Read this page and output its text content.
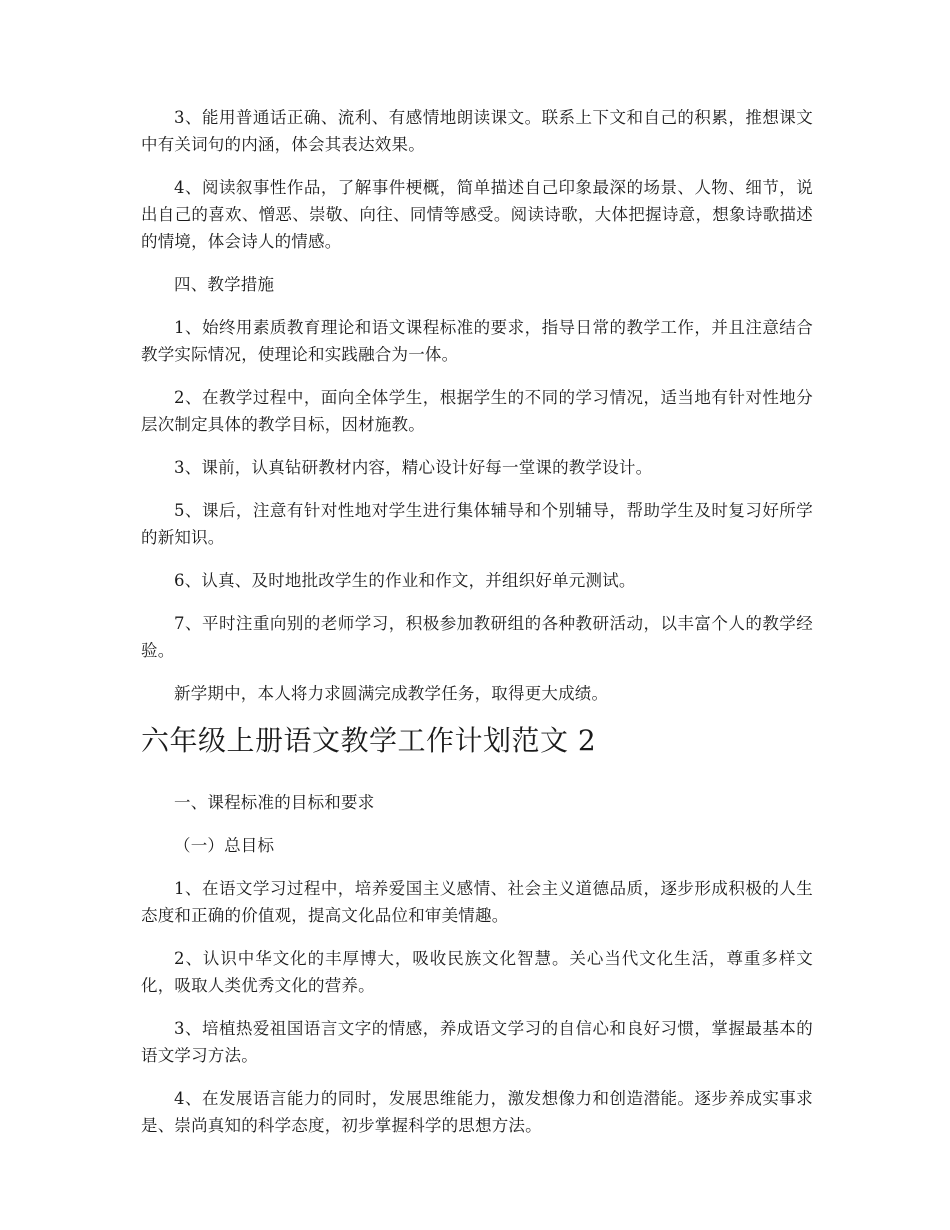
3、能用普通话正确、流利、有感情地朗读课文。联系上下文和自己的积累，推想课文中有关词句的内涵，体会其表达效果。

4、阅读叙事性作品，了解事件梗概，简单描述自己印象最深的场景、人物、细节，说出自己的喜欢、憎恶、崇敬、向往、同情等感受。阅读诗歌，大体把握诗意，想象诗歌描述的情境，体会诗人的情感。

四、教学措施

1、始终用素质教育理论和语文课程标准的要求，指导日常的教学工作，并且注意结合教学实际情况，使理论和实践融合为一体。

2、在教学过程中，面向全体学生，根据学生的不同的学习情况，适当地有针对性地分层次制定具体的教学目标，因材施教。

3、课前，认真钻研教材内容，精心设计好每一堂课的教学设计。

5、课后，注意有针对性地对学生进行集体辅导和个别辅导，帮助学生及时复习好所学的新知识。

6、认真、及时地批改学生的作业和作文，并组织好单元测试。

7、平时注重向别的老师学习，积极参加教研组的各种教研活动，以丰富个人的教学经验。

新学期中，本人将力求圆满完成教学任务，取得更大成绩。

六年级上册语文教学工作计划范文 2

一、课程标准的目标和要求

（一）总目标

1、在语文学习过程中，培养爱国主义感情、社会主义道德品质，逐步形成积极的人生态度和正确的价值观，提高文化品位和审美情趣。

2、认识中华文化的丰厚博大，吸收民族文化智慧。关心当代文化生活，尊重多样文化，吸取人类优秀文化的营养。

3、培植热爱祖国语言文字的情感，养成语文学习的自信心和良好习惯，掌握最基本的语文学习方法。

4、在发展语言能力的同时，发展思维能力，激发想像力和创造潜能。逐步养成实事求是、崇尚真知的科学态度，初步掌握科学的思想方法。
